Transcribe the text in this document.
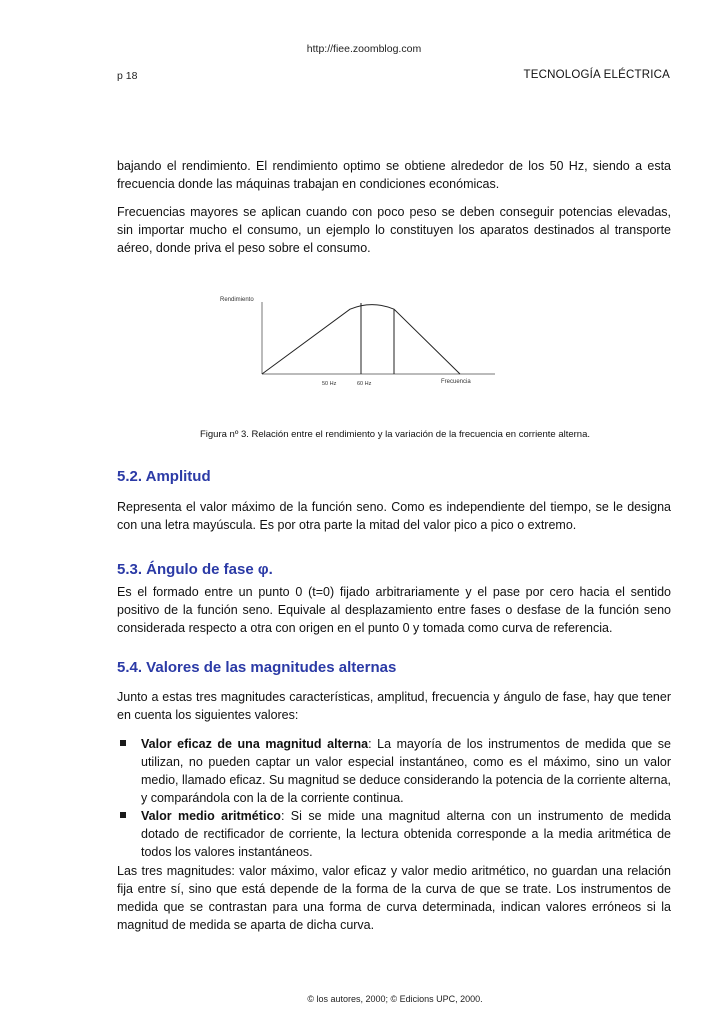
http://fiee.zoomblog.com
p 18	TECNOLOGÍA ELÉCTRICA

bajando el rendimiento. El rendimiento optimo se obtiene alrededor de los 50 Hz, siendo a esta frecuencia donde las máquinas trabajan en condiciones económicas.

Frecuencias mayores se aplican cuando con poco peso se deben conseguir potencias elevadas, sin importar mucho el consumo, un ejemplo lo constituyen los aparatos destinados al transporte aéreo, donde priva el peso sobre el consumo.

Rendimiento
Frecuencia
50 Hz	60 Hz
Figura nº 3. Relación entre el rendimiento y la variación de la frecuencia en corriente alterna.
5.2. Amplitud

Representa el valor máximo de la función seno. Como es independiente del tiempo, se le designa con una letra mayúscula. Es por otra parte la mitad del valor pico a pico o extremo.

5.3. Ángulo de fase φ.

Es el formado entre un punto 0 (t=0) fijado arbitrariamente y el pase por cero hacia el sentido positivo de la función seno. Equivale al desplazamiento entre fases o desfase de la función seno considerada respecto a otra con origen en el punto 0 y tomada como curva de referencia.

5.4. Valores de las magnitudes alternas

Junto a estas tres magnitudes características, amplitud, frecuencia y ángulo de fase, hay que tener en cuenta los siguientes valores:

Valor eficaz de una magnitud alterna: La mayoría de los instrumentos de medida que se utilizan, no pueden captar un valor especial instantáneo, como es el máximo, sino un valor medio, llamado eficaz. Su magnitud se deduce considerando la potencia de la corriente alterna, y comparándola con la de la corriente continua.

Valor medio aritmético: Si se mide una magnitud alterna con un instrumento de medida dotado de rectificador de corriente, la lectura obtenida corresponde a la media aritmética de todos los valores instantáneos.

Las tres magnitudes: valor máximo, valor eficaz y valor medio aritmético, no guardan una relación fija entre sí, sino que está depende de la forma de la curva de que se trate. Los instrumentos de medida que se contrastan para una forma de curva determinada, indican valores erróneos si la magnitud de medida se aparta de dicha curva.

© los autores, 2000; © Edicions UPC, 2000.
